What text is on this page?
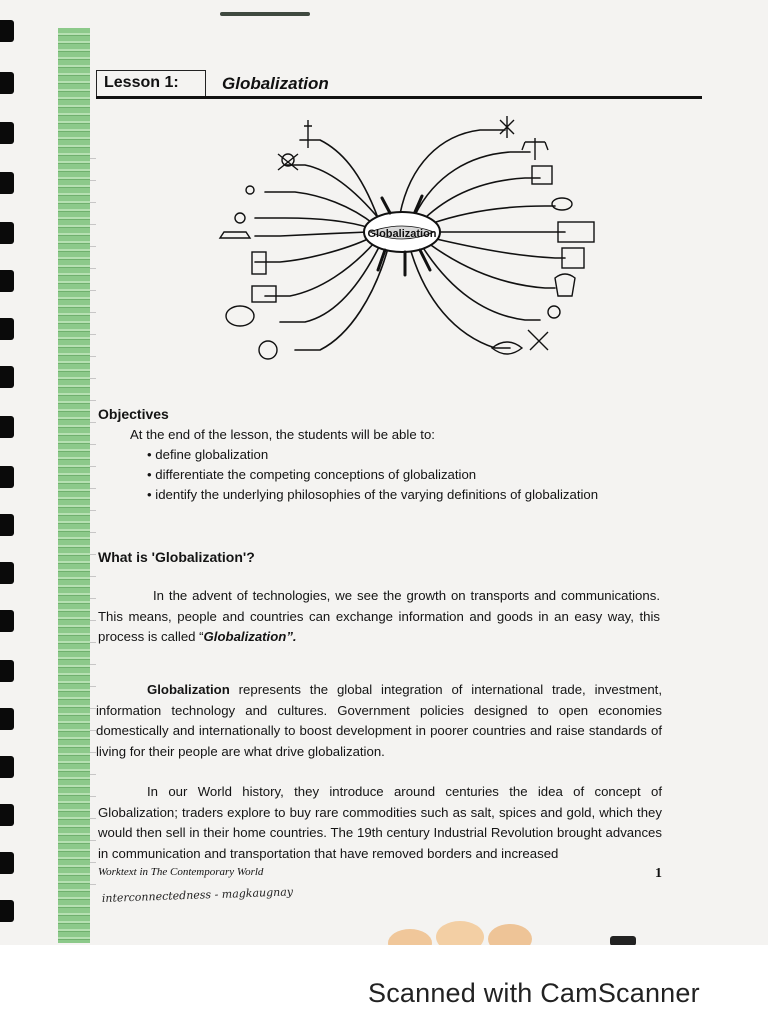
Lesson 1:	Globalization
Globalization
Objectives
At the end of the lesson, the students will be able to:
• define globalization
• differentiate the competing conceptions of globalization
• identify the underlying philosophies of the varying definitions of globalization
What is 'Globalization'?
In the advent of technologies, we see the growth on transports and communications. This means, people and countries can exchange information and goods in an easy way, this process is called “Globalization”.
Globalization represents the global integration of international trade, investment, information technology and cultures. Government policies designed to open economies domestically and internationally to boost development in poorer countries and raise standards of living for their people are what drive globalization.
In our World history, they introduce around centuries the idea of concept of Globalization; traders explore to buy rare commodities such as salt, spices and gold, which they would then sell in their home countries. The 19th century Industrial Revolution brought advances in communication and transportation that have removed borders and increased
Worktext in The Contemporary World	1
interconnectedness - magkaugnay
Scanned with CamScanner
